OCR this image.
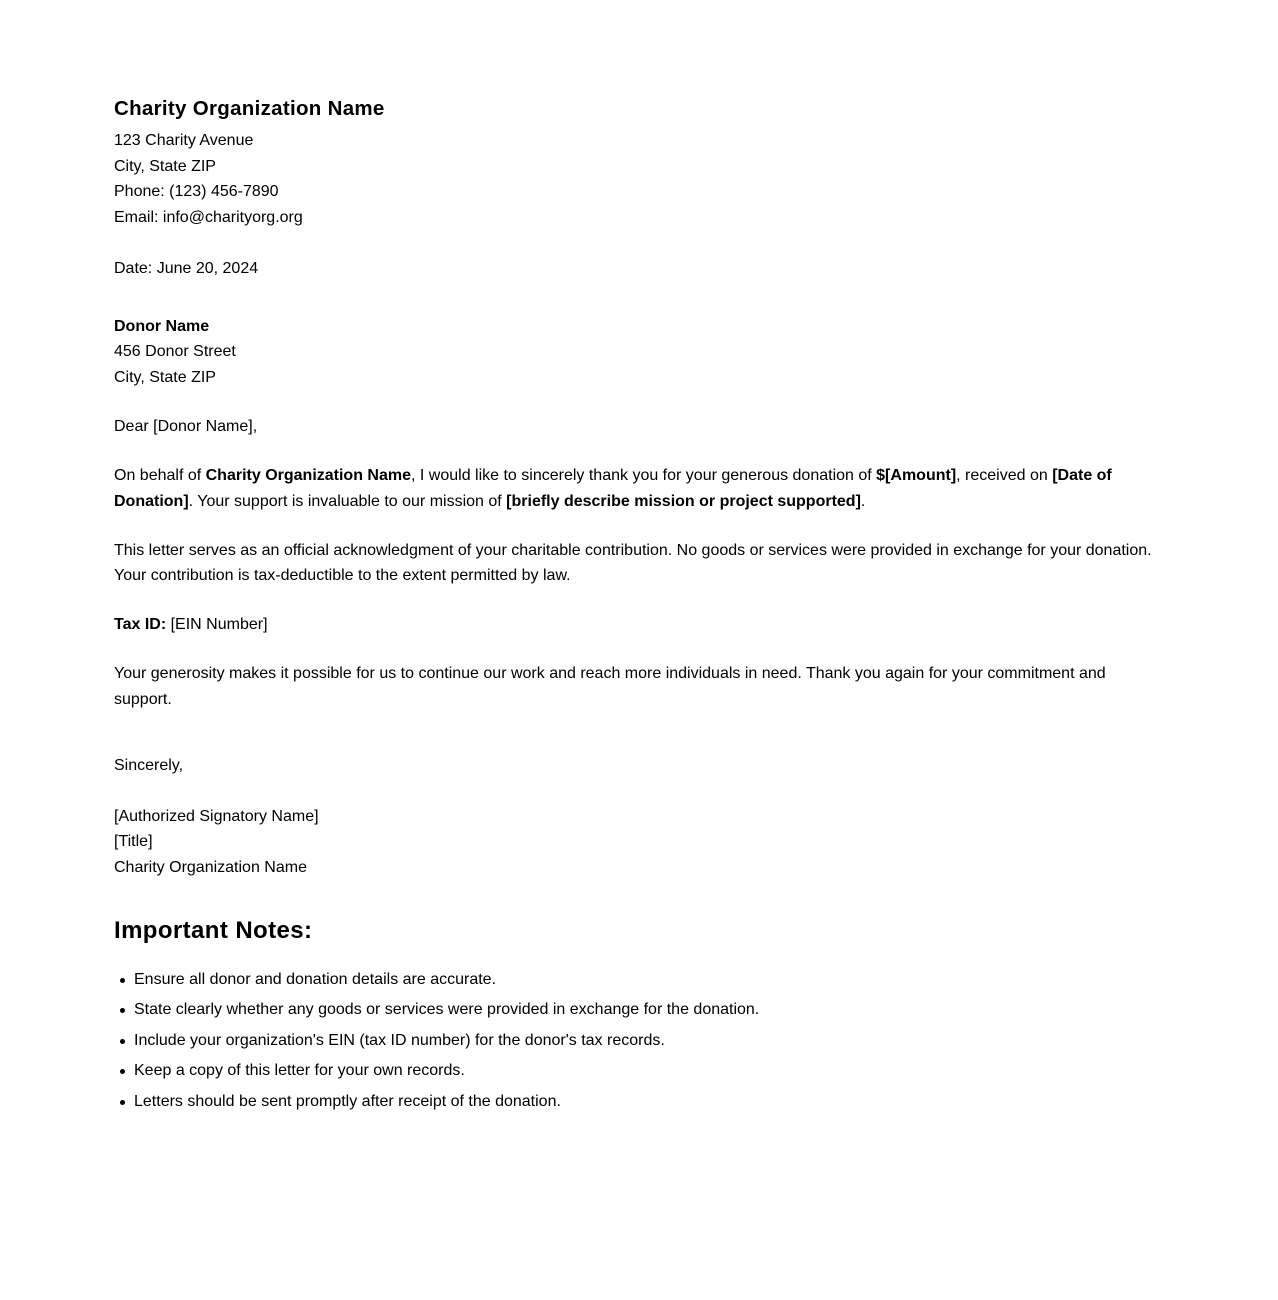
Charity Organization Name
123 Charity Avenue
City, State ZIP
Phone: (123) 456-7890
Email: info@charityorg.org

Date: June 20, 2024

Donor Name
456 Donor Street
City, State ZIP

Dear [Donor Name],

On behalf of Charity Organization Name, I would like to sincerely thank you for your generous donation of $[Amount], received on [Date of Donation]. Your support is invaluable to our mission of [briefly describe mission or project supported].

This letter serves as an official acknowledgment of your charitable contribution. No goods or services were provided in exchange for your donation. Your contribution is tax-deductible to the extent permitted by law.

Tax ID: [EIN Number]

Your generosity makes it possible for us to continue our work and reach more individuals in need. Thank you again for your commitment and support.

Sincerely,

[Authorized Signatory Name]
[Title]
Charity Organization Name
Important Notes:
Ensure all donor and donation details are accurate.
State clearly whether any goods or services were provided in exchange for the donation.
Include your organization's EIN (tax ID number) for the donor's tax records.
Keep a copy of this letter for your own records.
Letters should be sent promptly after receipt of the donation.
